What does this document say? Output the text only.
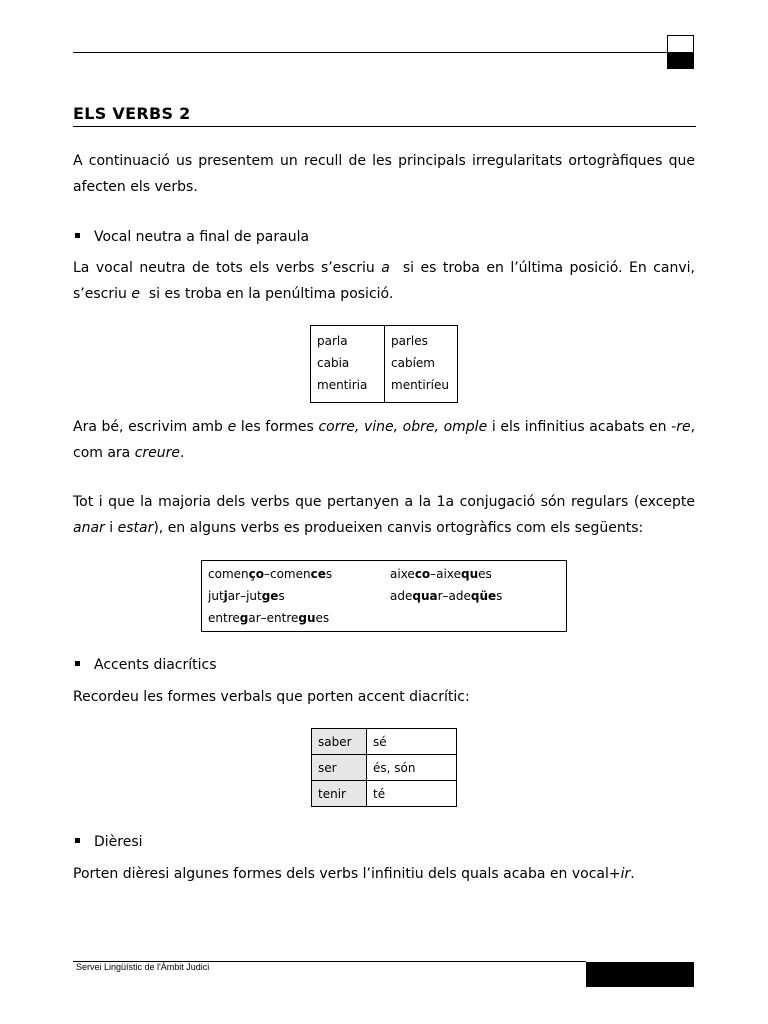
ELS VERBS 2
A continuació us presentem un recull de les principals irregularitats ortogràfiques que
afecten els verbs.
Vocal neutra a final de paraula
La vocal neutra de tots els verbs s’escriu a si es troba en l’última posició. En canvi,
s’escriu e si es troba en la penúltima posició.
parla	parles
cabia	cabíem
mentiria	mentiríeu
Ara bé, escrivim amb e les formes corre, vine, obre, omple i els infinitius acabats en -re,
com ara creure.
Tot i que la majoria dels verbs que pertanyen a la 1a conjugació són regulars (excepte
anar i estar), en alguns verbs es produeixen canvis ortogràfics com els següents:
començo–comences	aixeco–aixeques
jutjar–jutges	adequar–adeqües
entregar–entregues	
Accents diacrítics
Recordeu les formes verbals que porten accent diacrític:
saber	sé
ser	és, són
tenir	té
Dièresi
Porten dièresi algunes formes dels verbs l’infinitiu dels quals acaba en vocal+ir.
Servei Lingüístic de l'Àmbit Judici
